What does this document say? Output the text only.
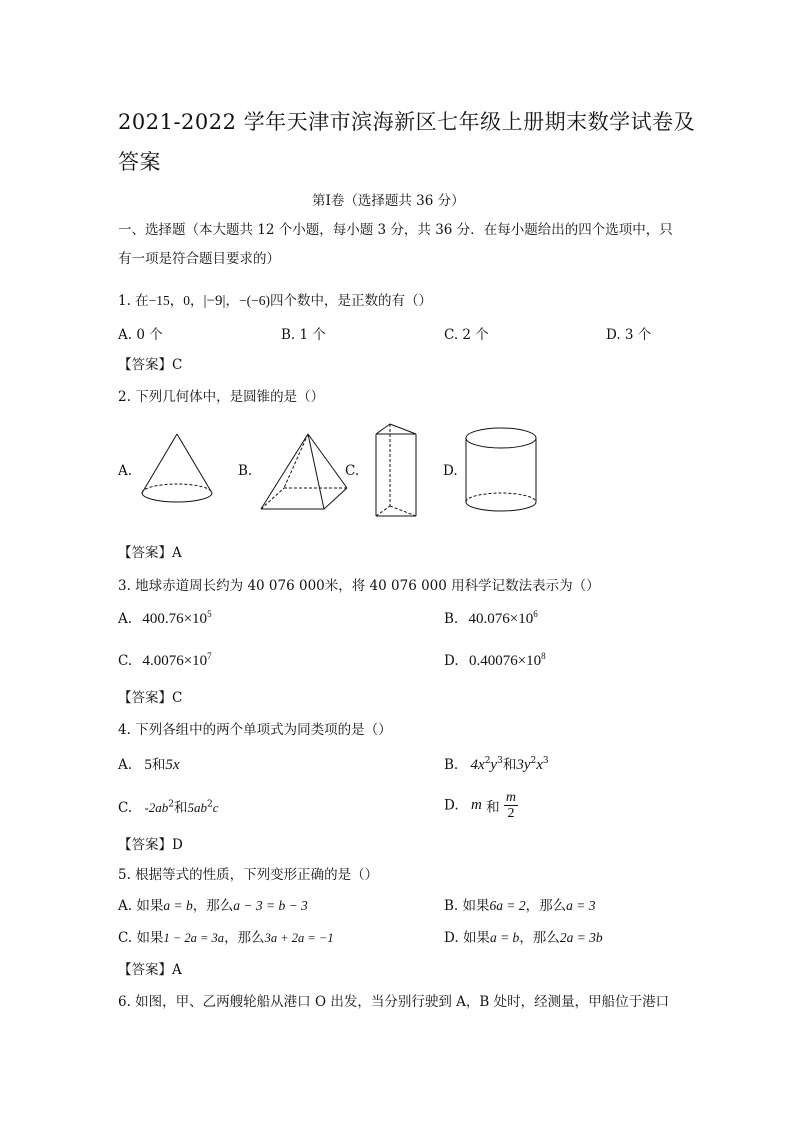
2021-2022 学年天津市滨海新区七年级上册期末数学试卷及
答案
第Ⅰ卷（选择题共 36 分）
一、选择题（本大题共 12 个小题，每小题 3 分，共 36 分．在每小题给出的四个选项中，只
有一项是符合题目要求的）
1. 在−15，0，|−9|，−(−6)四个数中，是正数的有（）
A. 0 个	B. 1 个	C. 2 个	D. 3 个
【答案】C
2. 下列几何体中，是圆锥的是（）
A.	B.	C.	D.
【答案】A
3. 地球赤道周长约为 40 076 000米，将 40 076 000 用科学记数法表示为（）
A. $400.76\times 10^5$	B. $40.076\times 10^6$
C. $4.0076\times 10^7$	D. $0.40076\times 10^8$
【答案】C
4. 下列各组中的两个单项式为同类项的是（）
A. 5和5x	B. $4x^2y^3$和$3y^2x^3$
C. $-2ab^2$和$5ab^2c$	D. m 和 $\frac{m}{2}$
【答案】D
5. 根据等式的性质，下列变形正确的是（）
A. 如果a = b，那么a − 3 = b − 3	B. 如果6a = 2，那么a = 3
C. 如果1 − 2a = 3a，那么3a + 2a = −1	D. 如果a = b，那么2a = 3b
【答案】A
6. 如图，甲、乙两艘轮船从港口 O 出发，当分别行驶到 A，B 处时，经测量，甲船位于港口
